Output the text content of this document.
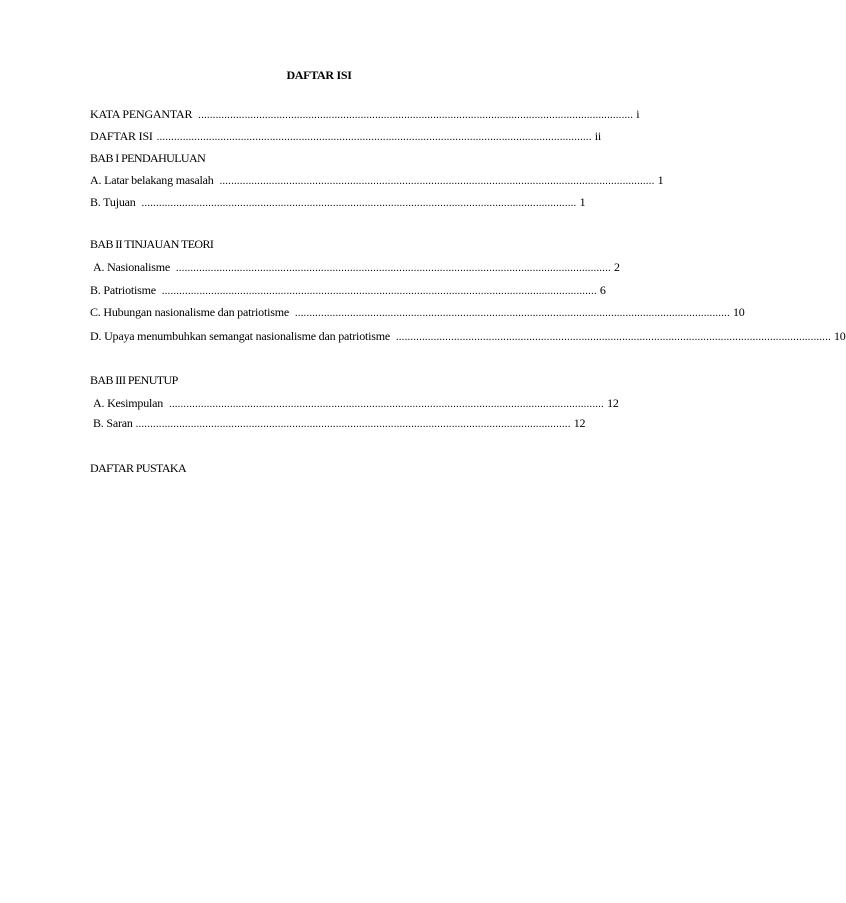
DAFTAR ISI
KATA PENGANTAR ...................................................................................................................................................... i
DAFTAR ISI ...................................................................................................................................................... ii
BAB I PENDAHULUAN
A. Latar belakang masalah ...................................................................................................................................................... 1
B. Tujuan ...................................................................................................................................................... 1
BAB II TINJAUAN TEORI
A. Nasionalisme ...................................................................................................................................................... 2
B. Patriotisme ...................................................................................................................................................... 6
C. Hubungan nasionalisme dan patriotisme ...................................................................................................................................................... 10
D. Upaya menumbuhkan semangat nasionalisme dan patriotisme ...................................................................................................................................................... 10
BAB III PENUTUP
A. Kesimpulan ...................................................................................................................................................... 12
B. Saran ...................................................................................................................................................... 12
DAFTAR PUSTAKA
